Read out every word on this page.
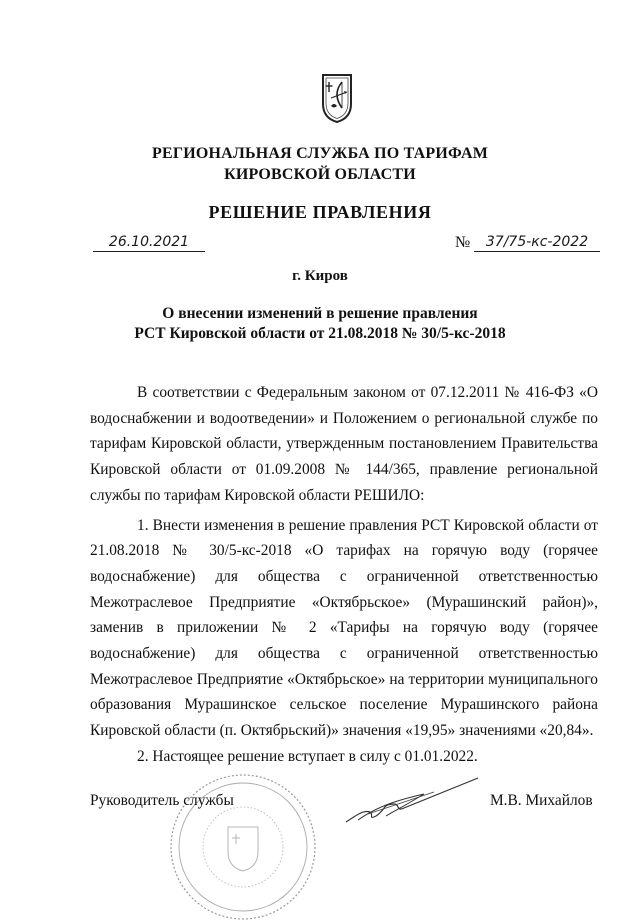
РЕГИОНАЛЬНАЯ СЛУЖБА ПО ТАРИФАМ
КИРОВСКОЙ ОБЛАСТИ
РЕШЕНИЕ ПРАВЛЕНИЯ
26.10.2021	№	37/75-кс-2022
г. Киров
О внесении изменений в решение правления
РСТ Кировской области от 21.08.2018 № 30/5-кс-2018

В соответствии с Федеральным законом от 07.12.2011 № 416-ФЗ «О водоснабжении и водоотведении» и Положением о региональной службе по тарифам Кировской области, утвержденным постановлением Правительства Кировской области от 01.09.2008 № 144/365, правление региональной службы по тарифам Кировской области РЕШИЛО:

1. Внести изменения в решение правления РСТ Кировской области от 21.08.2018 № 30/5-кс-2018 «О тарифах на горячую воду (горячее водоснабжение) для общества с ограниченной ответственностью Межотраслевое Предприятие «Октябрьское» (Мурашинский район)», заменив в приложении № 2 «Тарифы на горячую воду (горячее водоснабжение) для общества с ограниченной ответственностью Межотраслевое Предприятие «Октябрьское» на территории муниципального образования Мурашинское сельское поселение Мурашинского района Кировской области (п. Октябрьский)» значения «19,95» значениями «20,84».

2. Настоящее решение вступает в силу с 01.01.2022.

Руководитель службы	М.В. Михайлов
